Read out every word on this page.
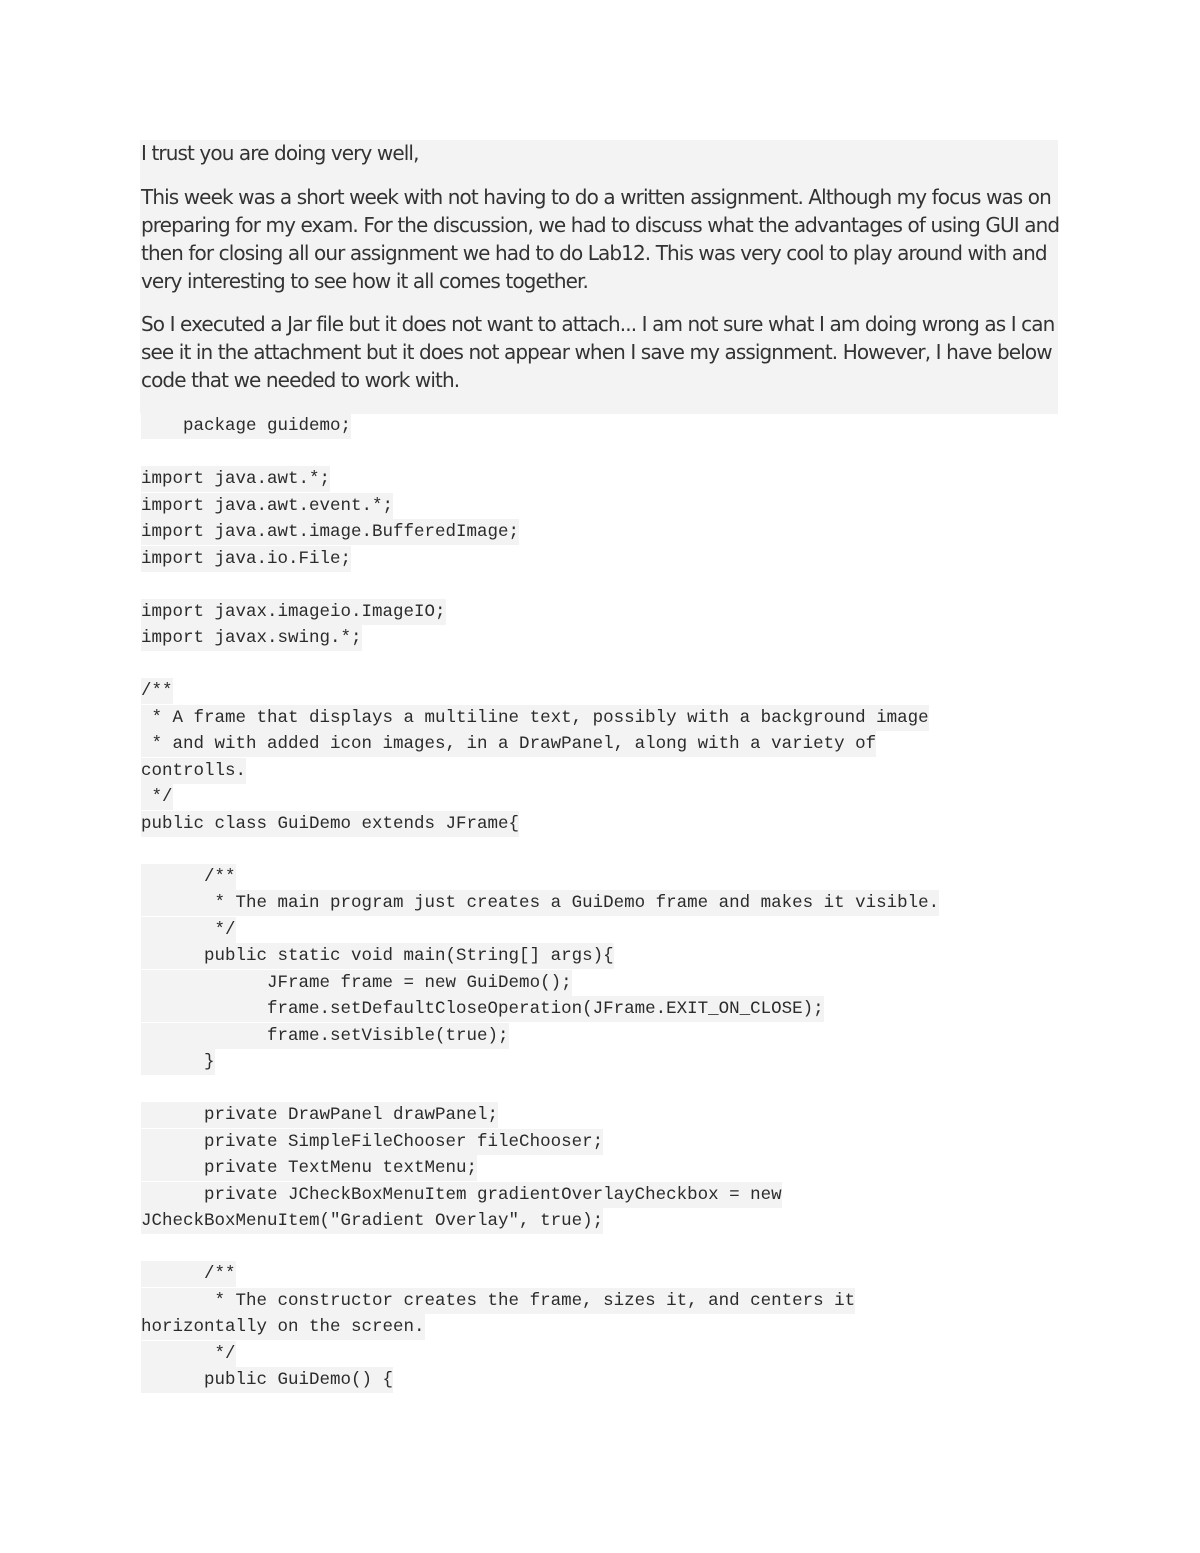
I trust you are doing very well,

This week was a short week with not having to do a written assignment. Although my focus was on preparing for my exam. For the discussion, we had to discuss what the advantages of using GUI and then for closing all our assignment we had to do Lab12. This was very cool to play around with and very interesting to see how it all comes together.

So I executed a Jar file but it does not want to attach... I am not sure what I am doing wrong as I can see it in the attachment but it does not appear when I save my assignment. However, I have below code that we needed to work with.

package guidemo;
import java.awt.*;
import java.awt.event.*;
import java.awt.image.BufferedImage;
import java.io.File;
import javax.imageio.ImageIO;
import javax.swing.*;
/**
* A frame that displays a multiline text, possibly with a background image
* and with added icon images, in a DrawPanel, along with a variety of
controlls.
*/
public class GuiDemo extends JFrame{
/**
* The main program just creates a GuiDemo frame and makes it visible.
*/
public static void main(String[] args){
JFrame frame = new GuiDemo();
frame.setDefaultCloseOperation(JFrame.EXIT_ON_CLOSE);
frame.setVisible(true);
}
private DrawPanel drawPanel;
private SimpleFileChooser fileChooser;
private TextMenu textMenu;
private JCheckBoxMenuItem gradientOverlayCheckbox = new
JCheckBoxMenuItem("Gradient Overlay", true);
/**
* The constructor creates the frame, sizes it, and centers it
horizontally on the screen.
*/
public GuiDemo() {
